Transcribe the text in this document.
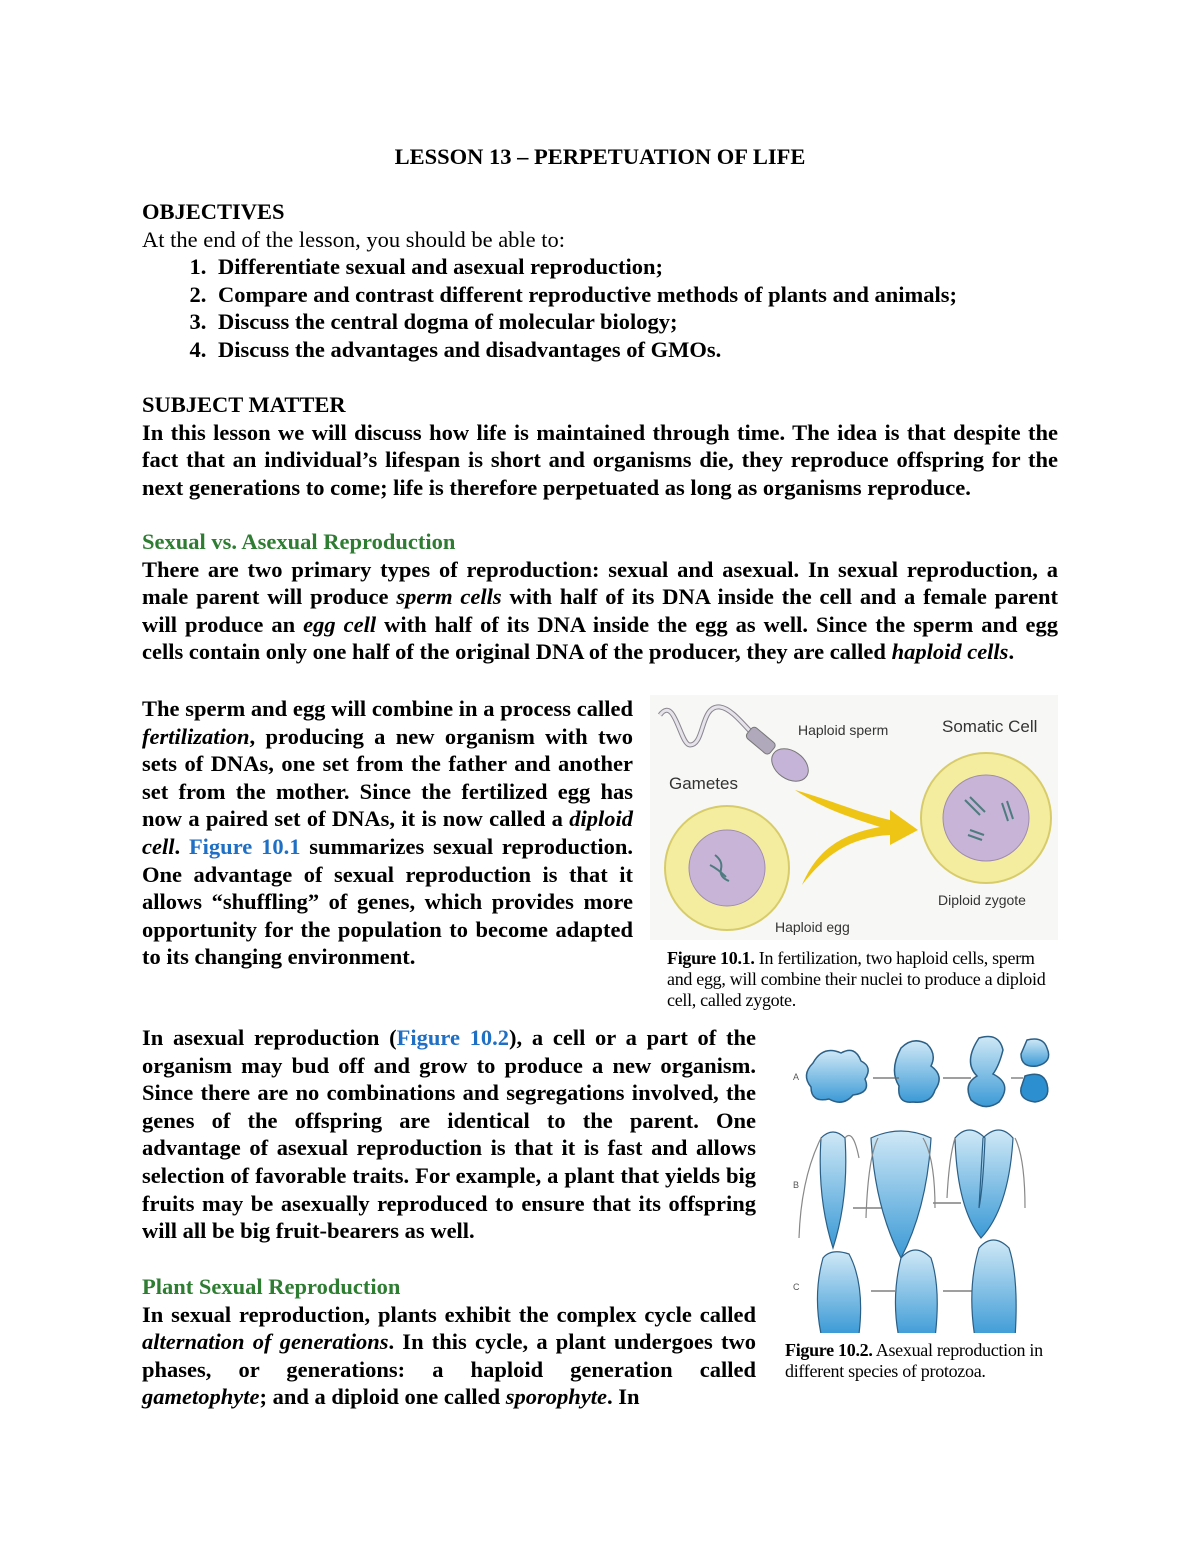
LESSON 13 – PERPETUATION OF LIFE
OBJECTIVES
At the end of the lesson, you should be able to:
1. Differentiate sexual and asexual reproduction;
2. Compare and contrast different reproductive methods of plants and animals;
3. Discuss the central dogma of molecular biology;
4. Discuss the advantages and disadvantages of GMOs.
SUBJECT MATTER
In this lesson we will discuss how life is maintained through time. The idea is that despite the fact that an individual’s lifespan is short and organisms die, they reproduce offspring for the next generations to come; life is therefore perpetuated as long as organisms reproduce.
Sexual vs. Asexual Reproduction
There are two primary types of reproduction: sexual and asexual. In sexual reproduction, a male parent will produce sperm cells with half of its DNA inside the cell and a female parent will produce an egg cell with half of its DNA inside the egg as well. Since the sperm and egg cells contain only one half of the original DNA of the producer, they are called haploid cells.
The sperm and egg will combine in a process called fertilization, producing a new organism with two sets of DNAs, one set from the father and another set from the mother. Since the fertilized egg has now a paired set of DNAs, it is now called a diploid cell. Figure 10.1 summarizes sexual reproduction. One advantage of sexual reproduction is that it allows “shuffling” of genes, which provides more opportunity for the population to become adapted to its changing environment.
Haploid sperm	Somatic Cell
Gametes
Diploid zygote
Haploid egg
Figure 10.1. In fertilization, two haploid cells, sperm and egg, will combine their nuclei to produce a diploid cell, called zygote.
In asexual reproduction (Figure 10.2), a cell or a part of the organism may bud off and grow to produce a new organism. Since there are no combinations and segregations involved, the genes of the offspring are identical to the parent. One advantage of asexual reproduction is that it is fast and allows selection of favorable traits. For example, a plant that yields big fruits may be asexually reproduced to ensure that its offspring will all be big fruit-bearers as well.
A
B
C
Figure 10.2. Asexual reproduction in different species of protozoa.
Plant Sexual Reproduction
In sexual reproduction, plants exhibit the complex cycle called alternation of generations. In this cycle, a plant undergoes two phases, or generations: a haploid generation called gametophyte; and a diploid one called sporophyte. In
